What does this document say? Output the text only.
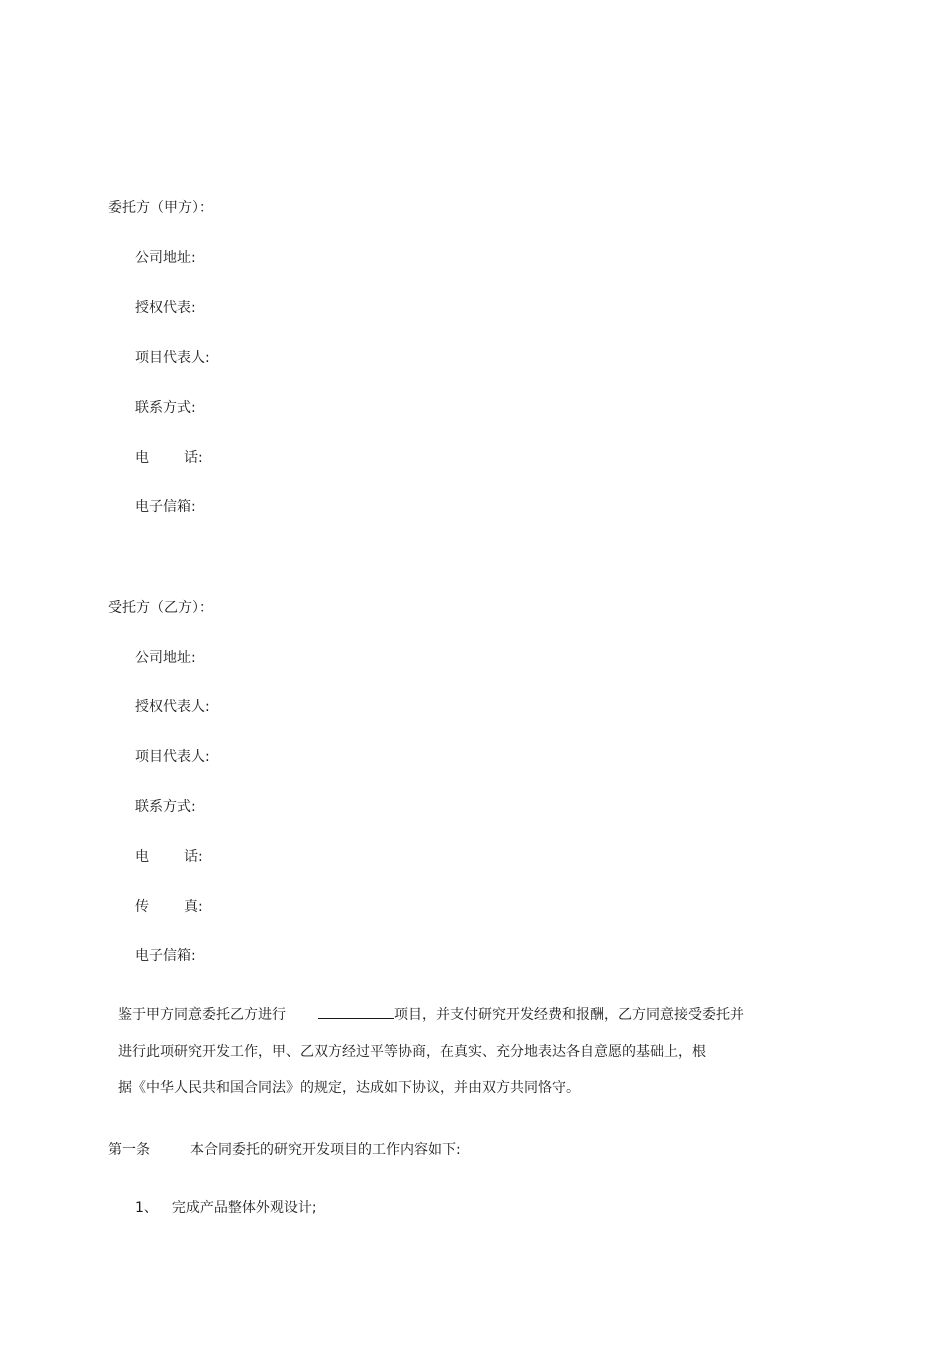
委托方（甲方）：
公司地址:
授权代表:
项目代表人:
联系方式:
电	话:
电子信箱:
受托方（乙方）：
公司地址:
授权代表人:
项目代表人:
联系方式:
电	话:
传	真:
电子信箱:
鉴于甲方同意委托乙方进行	项目，并支付研究开发经费和报酬，乙方同意接受委托并
进行此项研究开发工作，甲、乙双方经过平等协商，在真实、充分地表达各自意愿的基础上，根
据《中华人民共和国合同法》的规定，达成如下协议，并由双方共同恪守。
第一条	本合同委托的研究开发项目的工作内容如下:
1、 完成产品整体外观设计;
